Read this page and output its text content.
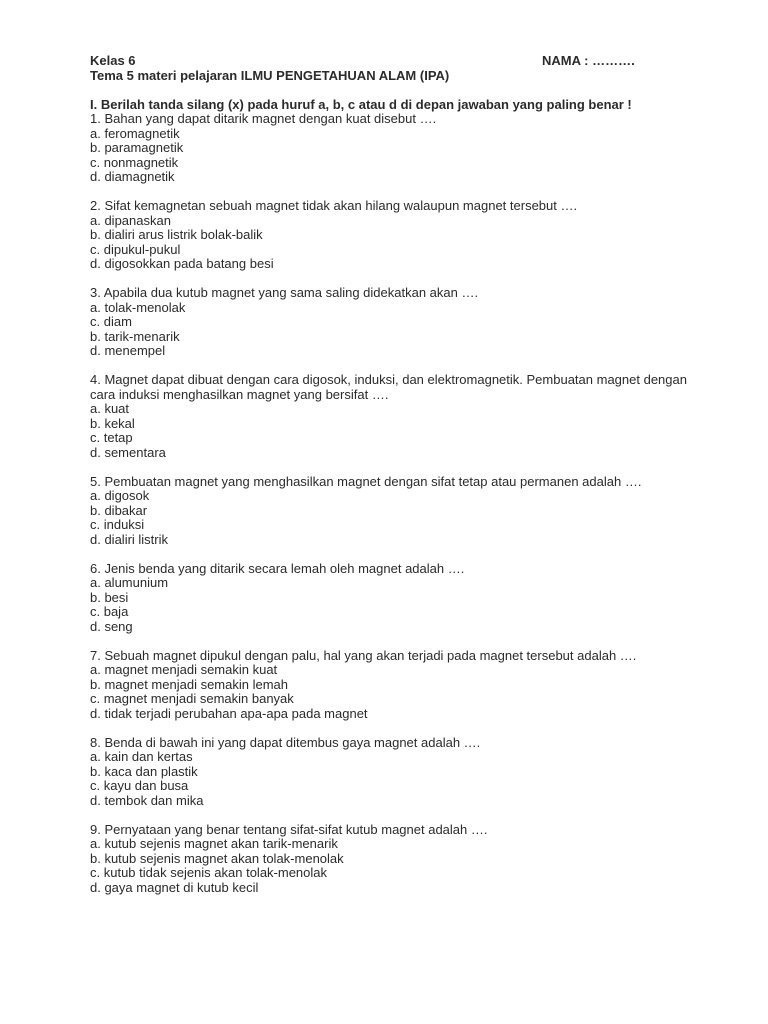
Kelas 6	NAMA : ……….
Tema 5 materi pelajaran ILMU PENGETAHUAN ALAM (IPA)
I. Berilah tanda silang (x) pada huruf a, b, c atau d di depan jawaban yang paling benar !
1. Bahan yang dapat ditarik magnet dengan kuat disebut ….
a. feromagnetik
b. paramagnetik
c. nonmagnetik
d. diamagnetik
2. Sifat kemagnetan sebuah magnet tidak akan hilang walaupun magnet tersebut ….
a. dipanaskan
b. dialiri arus listrik bolak-balik
c. dipukul-pukul
d. digosokkan pada batang besi
3. Apabila dua kutub magnet yang sama saling didekatkan akan ….
a. tolak-menolak
c. diam
b. tarik-menarik
d. menempel
4. Magnet dapat dibuat dengan cara digosok, induksi, dan elektromagnetik. Pembuatan magnet dengan cara induksi menghasilkan magnet yang bersifat ….
a. kuat
b. kekal
c. tetap
d. sementara
5. Pembuatan magnet yang menghasilkan magnet dengan sifat tetap atau permanen adalah ….
a. digosok
b. dibakar
c. induksi
d. dialiri listrik
6. Jenis benda yang ditarik secara lemah oleh magnet adalah ….
a. alumunium
b. besi
c. baja
d. seng
7. Sebuah magnet dipukul dengan palu, hal yang akan terjadi pada magnet tersebut adalah ….
a. magnet menjadi semakin kuat
b. magnet menjadi semakin lemah
c. magnet menjadi semakin banyak
d. tidak terjadi perubahan apa-apa pada magnet
8. Benda di bawah ini yang dapat ditembus gaya magnet adalah ….
a. kain dan kertas
b. kaca dan plastik
c. kayu dan busa
d. tembok dan mika
9. Pernyataan yang benar tentang sifat-sifat kutub magnet adalah ….
a. kutub sejenis magnet akan tarik-menarik
b. kutub sejenis magnet akan tolak-menolak
c. kutub tidak sejenis akan tolak-menolak
d. gaya magnet di kutub kecil
